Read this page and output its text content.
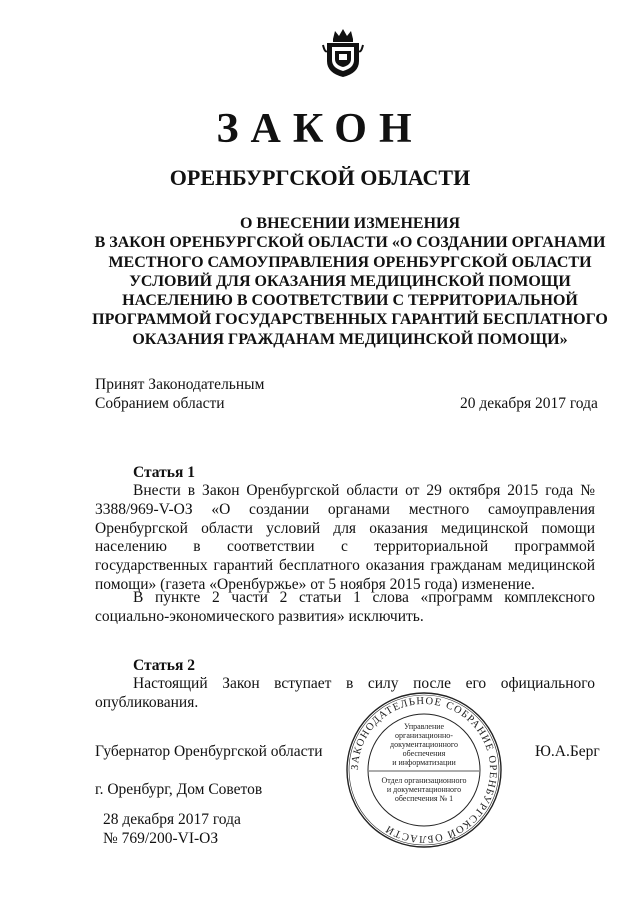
ЗАКОН
ОРЕНБУРГСКОЙ ОБЛАСТИ
О ВНЕСЕНИИ ИЗМЕНЕНИЯ
В ЗАКОН ОРЕНБУРГСКОЙ ОБЛАСТИ «О СОЗДАНИИ ОРГАНАМИ
МЕСТНОГО САМОУПРАВЛЕНИЯ ОРЕНБУРГСКОЙ ОБЛАСТИ
УСЛОВИЙ ДЛЯ ОКАЗАНИЯ МЕДИЦИНСКОЙ ПОМОЩИ
НАСЕЛЕНИЮ В СООТВЕТСТВИИ С ТЕРРИТОРИАЛЬНОЙ
ПРОГРАММОЙ ГОСУДАРСТВЕННЫХ ГАРАНТИЙ БЕСПЛАТНОГО
ОКАЗАНИЯ ГРАЖДАНАМ МЕДИЦИНСКОЙ ПОМОЩИ»
Принят Законодательным
Собранием области	20 декабря 2017 года
Статья 1
Внести в Закон Оренбургской области от 29 октября 2015 года № 3388/969-V-ОЗ «О создании органами местного самоуправления Оренбургской области условий для оказания медицинской помощи населению в соответствии с территориальной программой государственных гарантий бесплатного оказания гражданам медицинской помощи» (газета «Оренбуржье» от 5 ноября 2015 года) изменение.
В пункте 2 части 2 статьи 1 слова «программ комплексного социально-экономического развития» исключить.
Статья 2
Настоящий Закон вступает в силу после его официального опубликования.
Губернатор Оренбургской области	Ю.А.Берг
г. Оренбург, Дом Советов
28 декабря 2017 года
№ 769/200-VI-ОЗ
ЗАКОНОДАТЕЛЬНОЕ СОБРАНИЕ ОРЕНБУРГСКОЙ ОБЛАСТИ
Управление
организационно-
документационного
обеспечения
и информатизации
Отдел организационного
и документационного
обеспечения № 1
